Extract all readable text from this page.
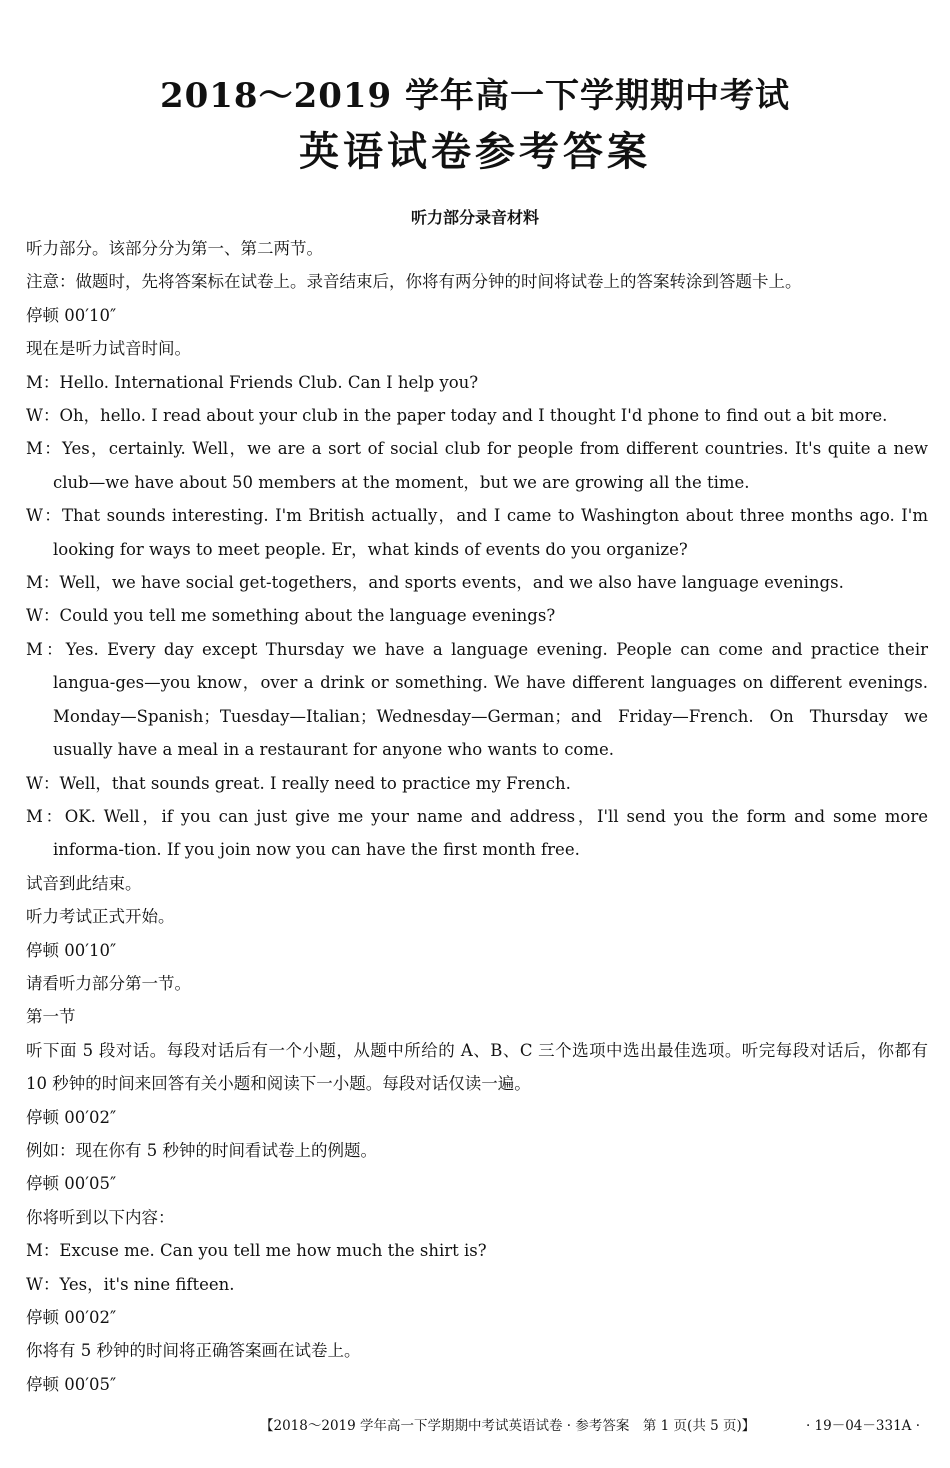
2018～2019 学年高一下学期期中考试
英语试卷参考答案
听力部分录音材料
听力部分。该部分分为第一、第二两节。
注意：做题时，先将答案标在试卷上。录音结束后，你将有两分钟的时间将试卷上的答案转涂到答题卡上。
停顿 00′10″
现在是听力试音时间。
M：Hello. International Friends Club. Can I help you?
W：Oh，hello. I read about your club in the paper today and I thought I'd phone to find out a bit more.
M：Yes，certainly. Well，we are a sort of social club for people from different countries. It's quite a new club—we have about 50 members at the moment，but we are growing all the time.
W：That sounds interesting. I'm British actually，and I came to Washington about three months ago. I'm looking for ways to meet people. Er，what kinds of events do you organize?
M：Well，we have social get-togethers，and sports events，and we also have language evenings.
W：Could you tell me something about the language evenings?
M：Yes. Every day except Thursday we have a language evening. People can come and practice their langua-ges—you know，over a drink or something. We have different languages on different evenings. Monday—Spanish；Tuesday—Italian；Wednesday—German；and Friday—French. On Thursday we usually have a meal in a restaurant for anyone who wants to come.
W：Well，that sounds great. I really need to practice my French.
M：OK. Well，if you can just give me your name and address，I'll send you the form and some more informa-tion. If you join now you can have the first month free.
试音到此结束。
听力考试正式开始。
停顿 00′10″
请看听力部分第一节。
第一节
听下面 5 段对话。每段对话后有一个小题，从题中所给的 A、B、C 三个选项中选出最佳选项。听完每段对话后，你都有 10 秒钟的时间来回答有关小题和阅读下一小题。每段对话仅读一遍。
停顿 00′02″
例如：现在你有 5 秒钟的时间看试卷上的例题。
停顿 00′05″
你将听到以下内容：
M：Excuse me. Can you tell me how much the shirt is?
W：Yes，it's nine fifteen.
停顿 00′02″
你将有 5 秒钟的时间将正确答案画在试卷上。
停顿 00′05″
【2018～2019 学年高一下学期期中考试英语试卷 · 参考答案　第 1 页(共 5 页)】	· 19－04－331A ·
